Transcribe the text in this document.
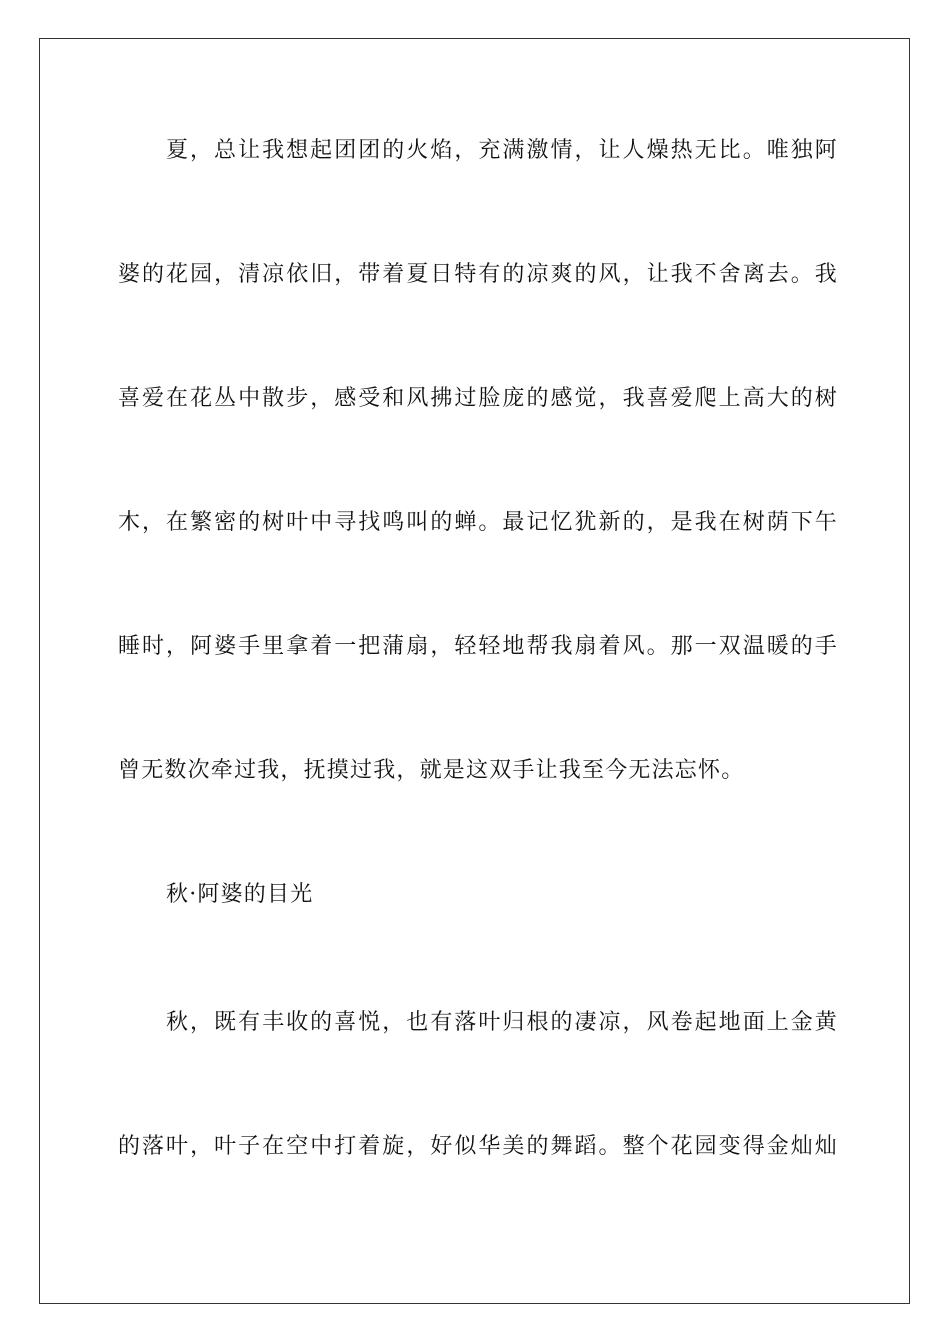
夏，总让我想起团团的火焰，充满激情，让人燥热无比。唯独阿
婆的花园，清凉依旧，带着夏日特有的凉爽的风，让我不舍离去。我
喜爱在花丛中散步，感受和风拂过脸庞的感觉，我喜爱爬上高大的树
木，在繁密的树叶中寻找鸣叫的蝉。最记忆犹新的，是我在树荫下午
睡时，阿婆手里拿着一把蒲扇，轻轻地帮我扇着风。那一双温暖的手
曾无数次牵过我，抚摸过我，就是这双手让我至今无法忘怀。
秋·阿婆的目光
秋，既有丰收的喜悦，也有落叶归根的凄凉，风卷起地面上金黄
的落叶，叶子在空中打着旋，好似华美的舞蹈。整个花园变得金灿灿
